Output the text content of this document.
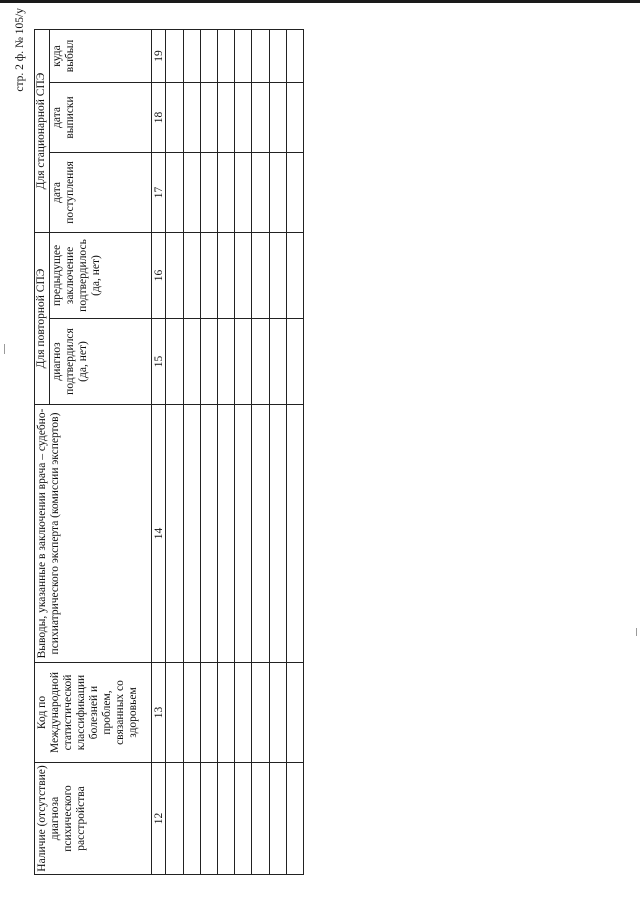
стр. 2 ф. № 105/у
Наличие (отсутствие) диагноза психического расстройства	Код по Международной статистической классификации болезней и проблем, связанных со здоровьем	Выводы, указанные в заключении врача – судебно-психиатрического эксперта (комиссии экспертов)	Для повторной СПЭ		Для стационарной СПЭ		

			диагноз подтвердился (да, нет)	предыдущее заключение подтвердилось (да, нет)	дата поступления	дата выписки	куда выбыл

12	13	14	15	16	17	18	19
